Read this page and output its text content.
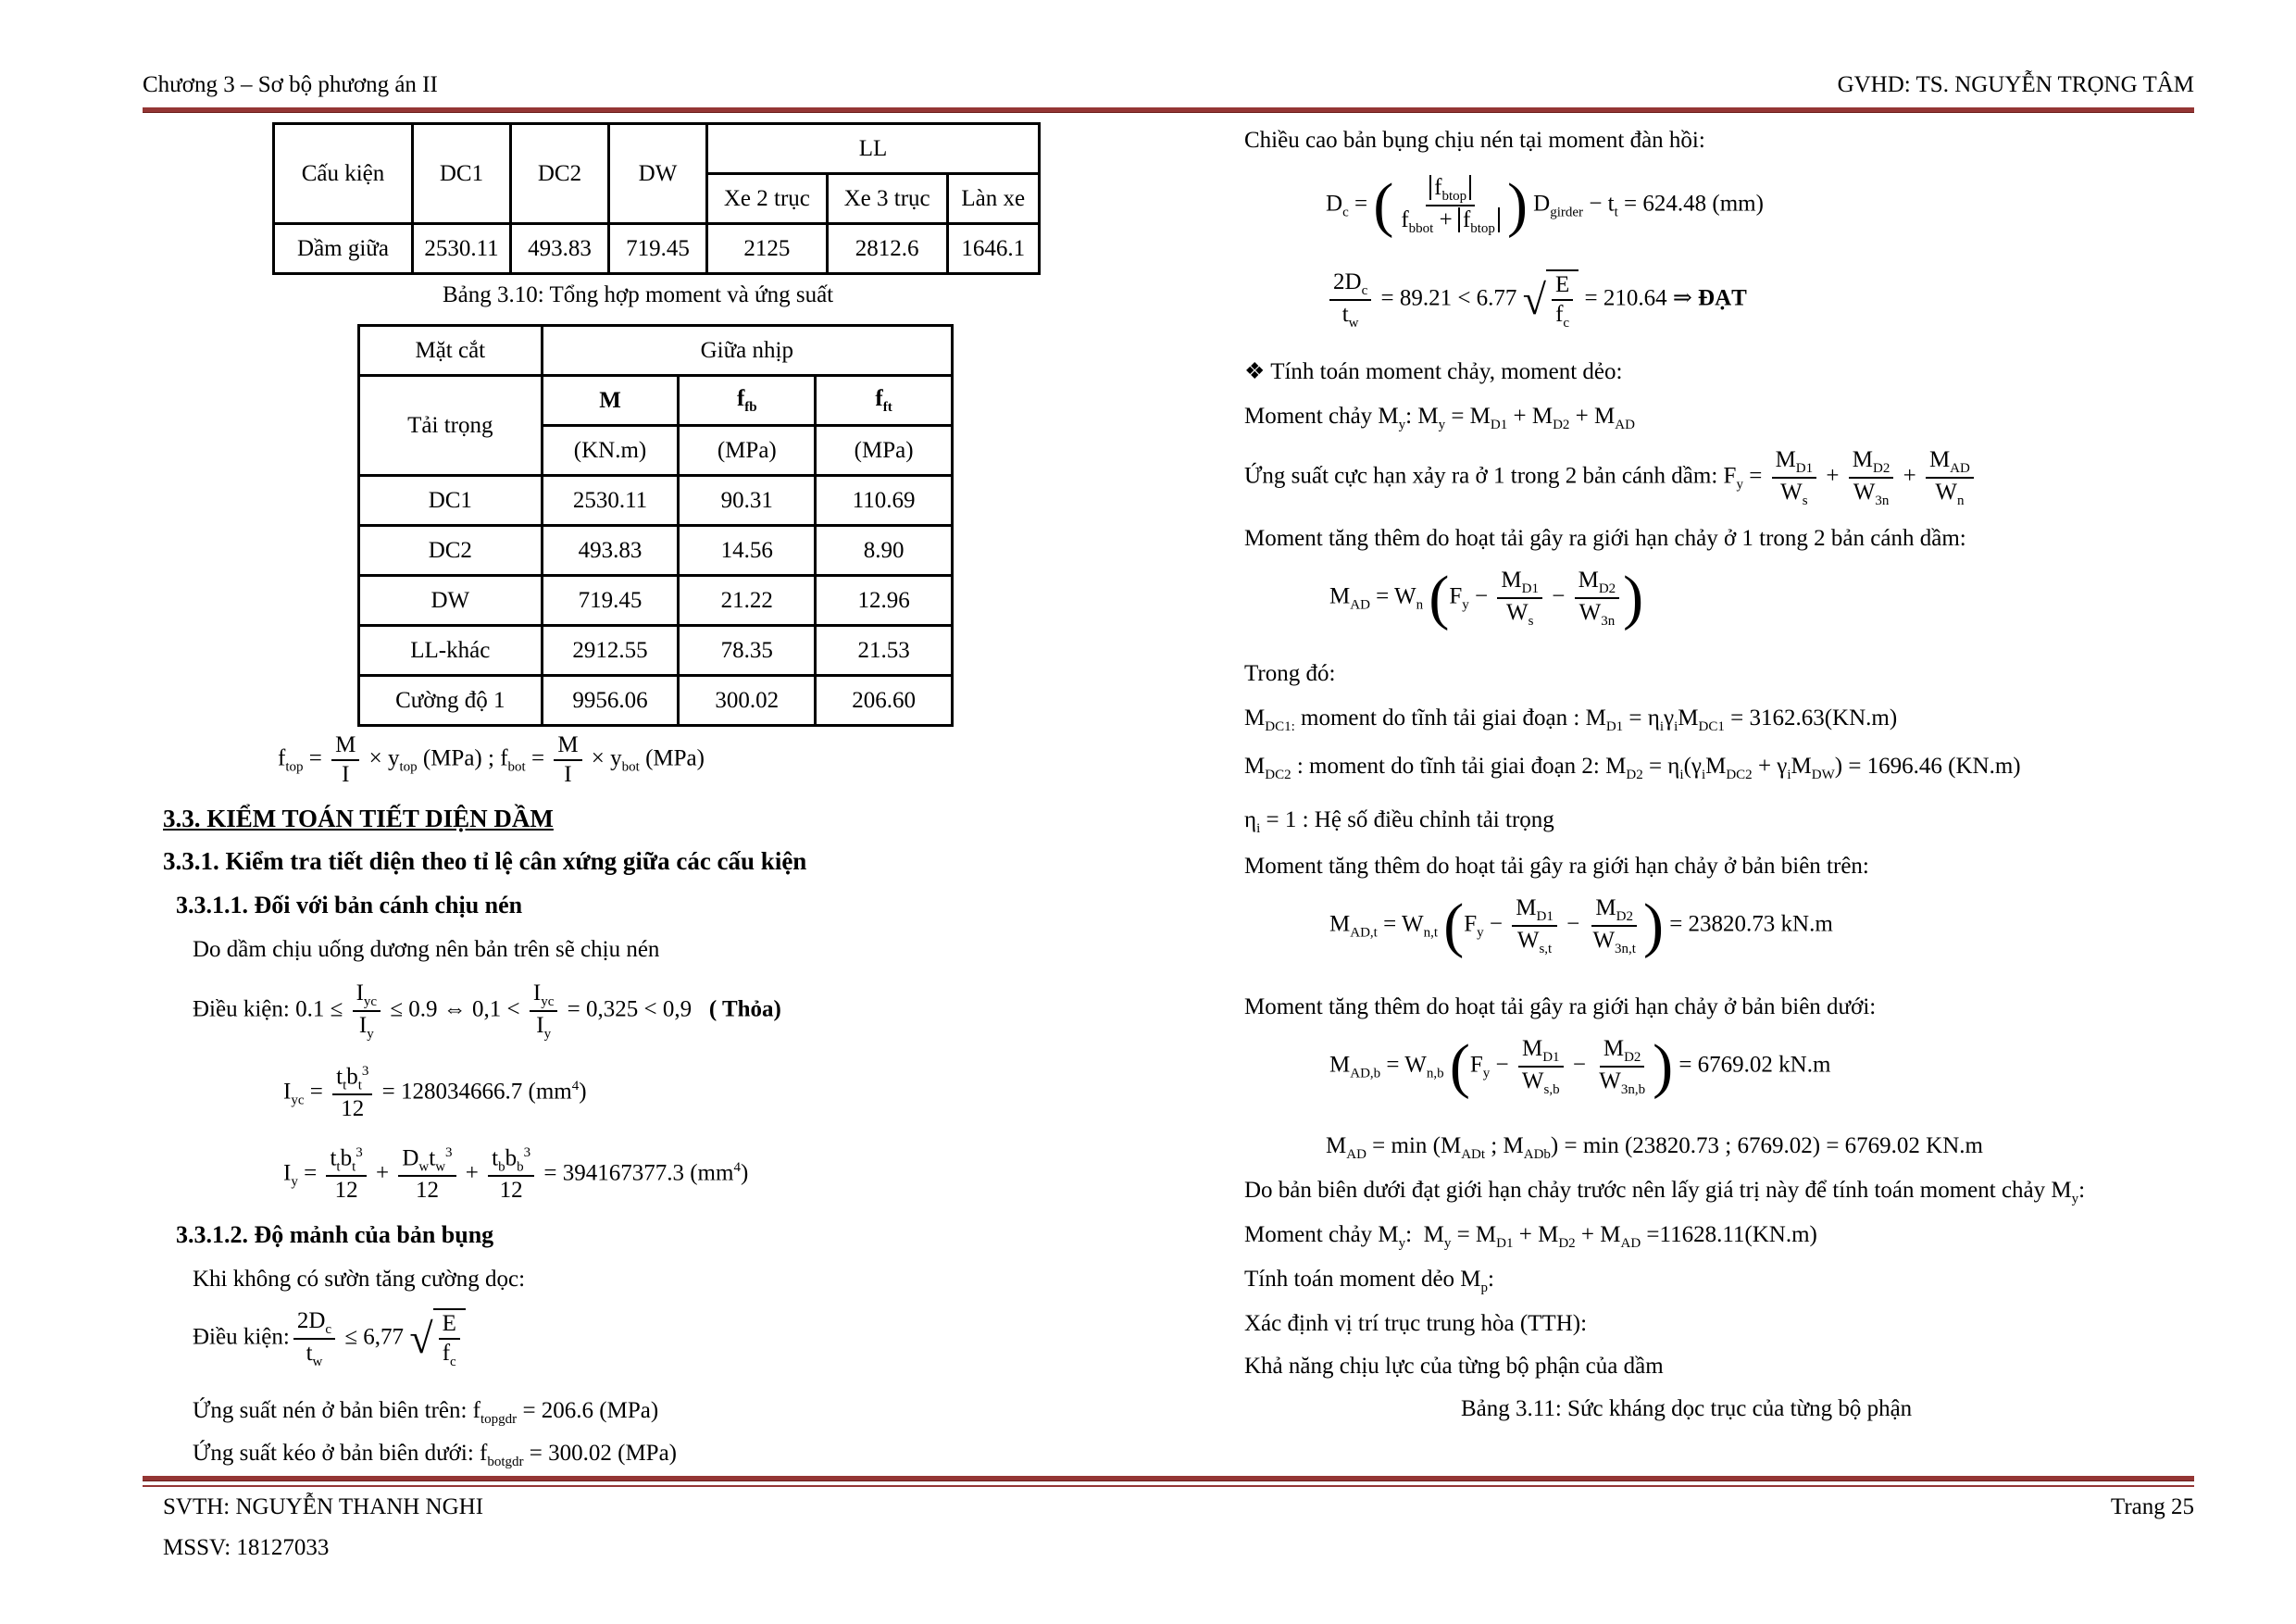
Chương 3 – Sơ bộ phương án II	GVHD: TS. NGUYỄN TRỌNG TÂM
Cấu kiện	DC1	DC2	DW	LL		
				Xe 2 trục	Xe 3 trục	Làn xe
Dầm giữa	2530.11	493.83	719.45	2125	2812.6	1646.1
Bảng 3.10: Tổng hợp moment và ứng suất
Mặt cắt	Giữa nhịp		
Tải trọng	M	$f_{fb}$	$f_{ft}$
	(KN.m)	(MPa)	(MPa)
DC1	2530.11	90.31	110.69
DC2	493.83	14.56	8.90
DW	719.45	21.22	12.96
LL-khác	2912.55	78.35	21.53
Cường độ 1	9956.06	300.02	206.60
$f_{top} = \frac{M}{I} \times y_{top}$ (MPa) ; $f_{bot} = \frac{M}{I} \times y_{bot}$ (MPa)
3.3. KIỂM TOÁN TIẾT DIỆN DẦM
3.3.1. Kiểm tra tiết diện theo tỉ lệ cân xứng giữa các cấu kiện
3.3.1.1. Đối với bản cánh chịu nén
Do dầm chịu uống dương nên bản trên sẽ chịu nén
Điều kiện: $0.1 \le \frac{I_{yc}}{I_y} \le 0.9$ ⇔ $0,1 < \frac{I_{yc}}{I_y} = 0,325 < 0,9$ ( Thỏa)
$I_{yc} = \frac{t_tb_t^3}{12} = 128034666.7$ $(mm^4)$
$I_y = \frac{t_tb_t^3}{12} + \frac{D_wt_w^3}{12} + \frac{t_bb_b^3}{12} = 394167377.3$ $(mm^4)$
3.3.1.2. Độ mảnh của bản bụng
Khi không có sườn tăng cường dọc:
Điều kiện: $\frac{2D_c}{t_w} \le 6,77$ √ $\frac{E}{f_c}$
Ứng suất nén ở bản biên trên: $f_{topgdr} = 206.6$ (MPa)
Ứng suất kéo ở bản biên dưới: $f_{botgdr} = 300.02$ (MPa)
Chiều cao bản bụng chịu nén tại moment đàn hồi:
$D_c$ = ( $\frac{f_{btop}}{f_{bbot} + f_{btop}}$ ) $D_{girder} - t_t = 624.48$ (mm)
$\frac{2D_c}{t_w} = 89.21 < 6.77$ √ $\frac{E}{f_c} = 210.64$ ⇒ ĐẠT
❖ Tính toán moment chảy, moment dẻo:
Moment chảy $M_y$: $M_y = M_{D1} + M_{D2} + M_{AD}$
Ứng suất cực hạn xảy ra ở 1 trong 2 bản cánh dầm: $F_y = \frac{M_{D1}}{W_s} + \frac{M_{D2}}{W_{3n}} + \frac{M_{AD}}{W_n}$
Moment tăng thêm do hoạt tải gây ra giới hạn chảy ở 1 trong 2 bản cánh dầm:
$M_{AD} = W_n$ ($F_y - \frac{M_{D1}}{W_s} - \frac{M_{D2}}{W_{3n}}$ )
Trong đó:
$M_{DC1:}$ moment do tĩnh tải giai đoạn : $M_{D1} = \eta_i\gamma_iM_{DC1} = 3162.63(KN.m)$
$M_{DC2}$ : moment do tĩnh tải giai đoạn 2: $M_{D2} = \eta_i(\gamma_iM_{DC2} + \gamma_iM_{DW}) = 1696.46$ (KN.m)
$\eta_i = 1$ : Hệ số điều chỉnh tải trọng
Moment tăng thêm do hoạt tải gây ra giới hạn chảy ở bản biên trên:
$M_{AD,t} = W_{n,t}$ ($F_y - \frac{M_{D1}}{W_{s,t}} - \frac{M_{D2}}{W_{3n,t}}$ ) = 23820.73 kN.m
Moment tăng thêm do hoạt tải gây ra giới hạn chảy ở bản biên dưới:
$M_{AD,b} = W_{n,b}$ ($F_y - \frac{M_{D1}}{W_{s,b}} - \frac{M_{D2}}{W_{3n,b}}$ ) = 6769.02 kN.m
$M_{AD} = \min (M_{ADt}$ ; $M_{ADb}) = \min (23820.73$ ; 6769.02) = 6769.02 KN.m
Do bản biên dưới đạt giới hạn chảy trước nên lấy giá trị này để tính toán moment chảy $M_y$:
Moment chảy $M_y$:  $M_y = M_{D1} + M_{D2} + M_{AD} =11628.11(KN.m)$
Tính toán moment dẻo $M_p$:
Xác định vị trí trục trung hòa (TTH):
Khả năng chịu lực của từng bộ phận của dầm
Bảng 3.11: Sức kháng dọc trục của từng bộ phận
SVTH: NGUYỄN THANH NGHI	Trang 25
MSSV: 18127033
